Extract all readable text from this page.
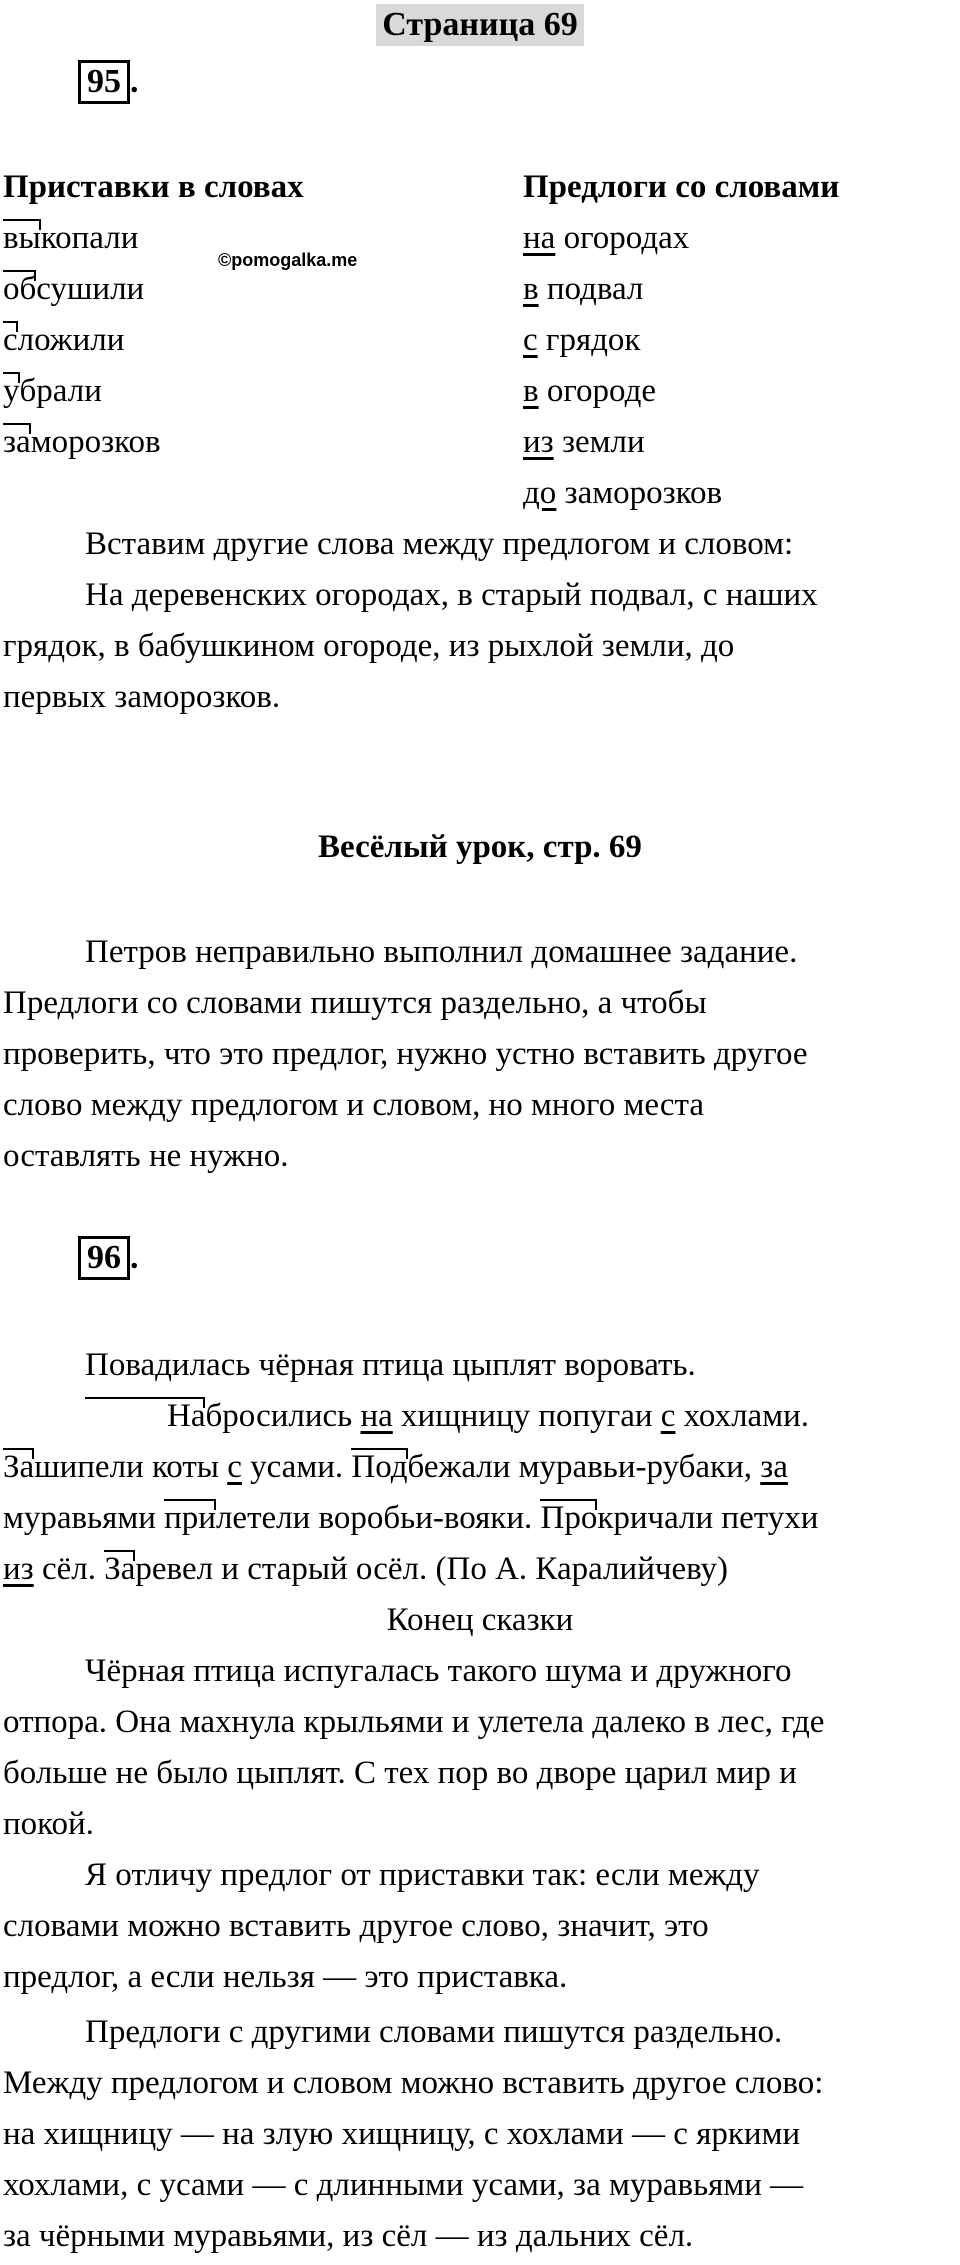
Страница 69
95 .
Приставки в словах
выкопали
обсушили
сложили
убрали
заморозков
©pomogalka.me
Предлоги со словами
на огородах
в подвал
с грядок
в огороде
из земли
до заморозков

Вставим другие слова между предлогом и словом:

На деревенских огородах, в старый подвал, с наших

грядок, в бабушкином огороде, из рыхлой земли, до

первых заморозков.

Весёлый урок, стр. 69

Петров неправильно выполнил домашнее задание.

Предлоги со словами пишутся раздельно, а чтобы

проверить, что это предлог, нужно устно вставить другое

слово между предлогом и словом, но много места

оставлять не нужно.

96 .

Повадилась чёрная птица цыплят воровать.

Набросились на хищницу попугаи с хохлами.

Зашипели коты с усами. Подбежали муравьи-рубаки, за

муравьями прилетели воробьи-вояки. Прокричали петухи

из сёл. Заревел и старый осёл. (По А. Каралийчеву)

Конец сказки

Чёрная птица испугалась такого шума и дружного

отпора. Она махнула крыльями и улетела далеко в лес, где

больше не было цыплят. С тех пор во дворе царил мир и

покой.

Я отличу предлог от приставки так: если между

словами можно вставить другое слово, значит, это

предлог, а если нельзя — это приставка.

Предлоги с другими словами пишутся раздельно.

Между предлогом и словом можно вставить другое слово:

на хищницу — на злую хищницу, с хохлами — с яркими

хохлами, с усами — с длинными усами, за муравьями —

за чёрными муравьями, из сёл — из дальних сёл.
